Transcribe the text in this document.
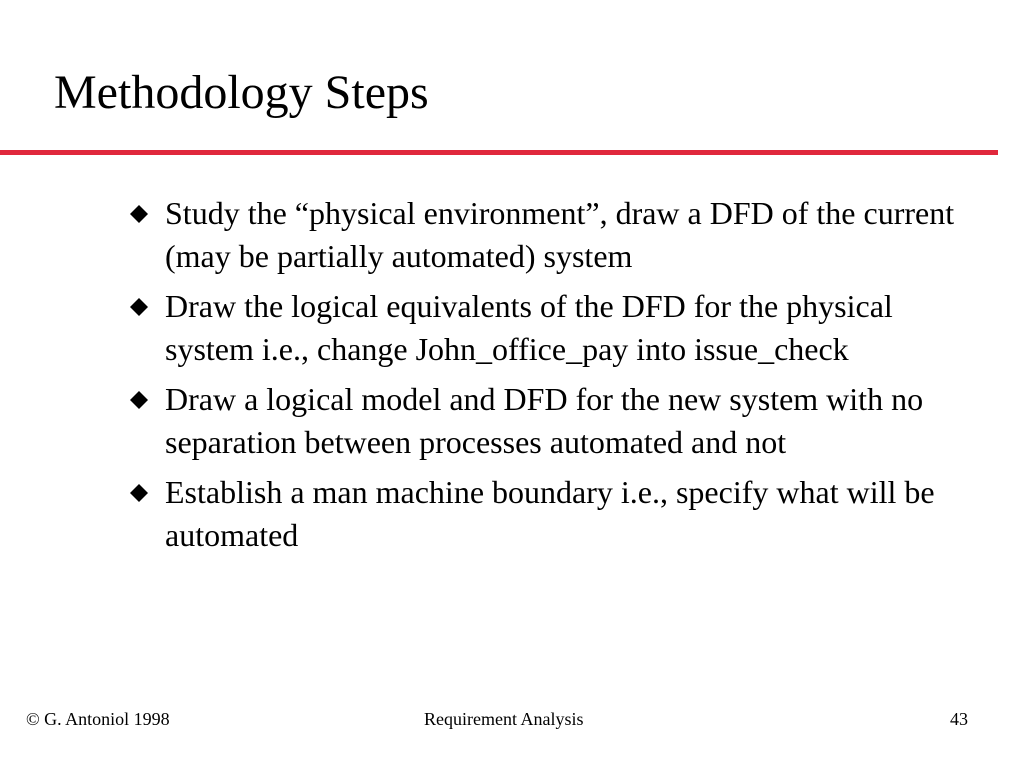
Methodology Steps
Study the “physical environment”, draw a DFD of the current (may be partially automated) system
Draw the logical equivalents of the DFD for the physical system i.e., change John_office_pay into issue_check
Draw a logical model and DFD for the new system with no separation between processes automated and not
Establish a man machine boundary i.e., specify what will be automated
© G. Antoniol 1998	Requirement Analysis	43
